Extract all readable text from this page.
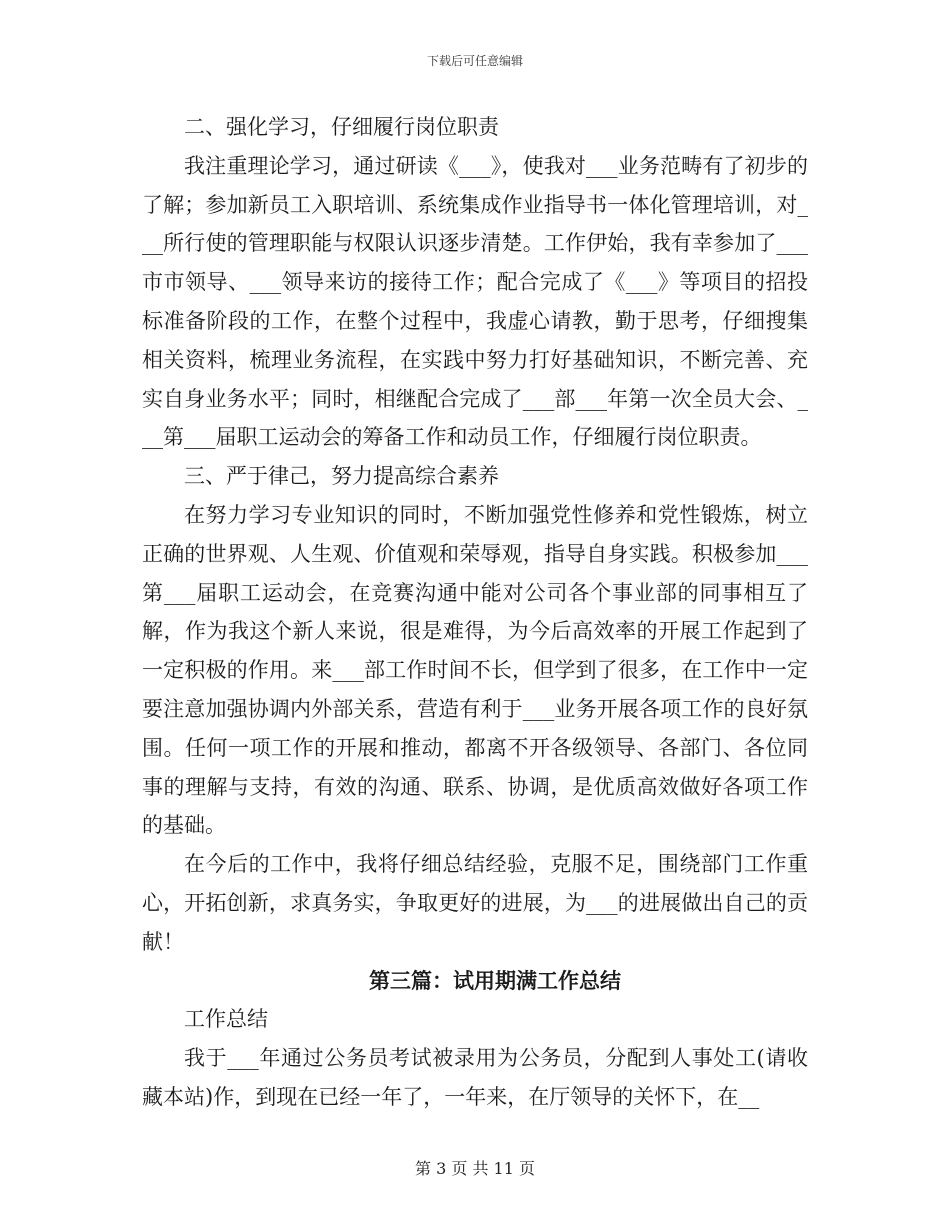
下载后可任意编辑

二、强化学习，仔细履行岗位职责

我注重理论学习，通过研读《___》，使我对___业务范畴有了初步的了解；参加新员工入职培训、系统集成作业指导书一体化管理培训，对___所行使的管理职能与权限认识逐步清楚。工作伊始，我有幸参加了___市市领导、___领导来访的接待工作；配合完成了《___》等项目的招投标准备阶段的工作，在整个过程中，我虚心请教，勤于思考，仔细搜集相关资料，梳理业务流程，在实践中努力打好基础知识，不断完善、充实自身业务水平；同时，相继配合完成了___部___年第一次全员大会、___第___届职工运动会的筹备工作和动员工作，仔细履行岗位职责。

三、严于律己，努力提高综合素养

在努力学习专业知识的同时，不断加强党性修养和党性锻炼，树立正确的世界观、人生观、价值观和荣辱观，指导自身实践。积极参加___第___届职工运动会，在竞赛沟通中能对公司各个事业部的同事相互了解，作为我这个新人来说，很是难得，为今后高效率的开展工作起到了一定积极的作用。来___部工作时间不长，但学到了很多，在工作中一定要注意加强协调内外部关系，营造有利于___业务开展各项工作的良好氛围。任何一项工作的开展和推动，都离不开各级领导、各部门、各位同事的理解与支持，有效的沟通、联系、协调，是优质高效做好各项工作的基础。

在今后的工作中，我将仔细总结经验，克服不足，围绕部门工作重心，开拓创新，求真务实，争取更好的进展，为___的进展做出自己的贡献！

第三篇：试用期满工作总结

工作总结

我于___年通过公务员考试被录用为公务员，分配到人事处工(请收藏本站)作，到现在已经一年了，一年来，在厅领导的关怀下，在__

第 3 页 共 11 页
